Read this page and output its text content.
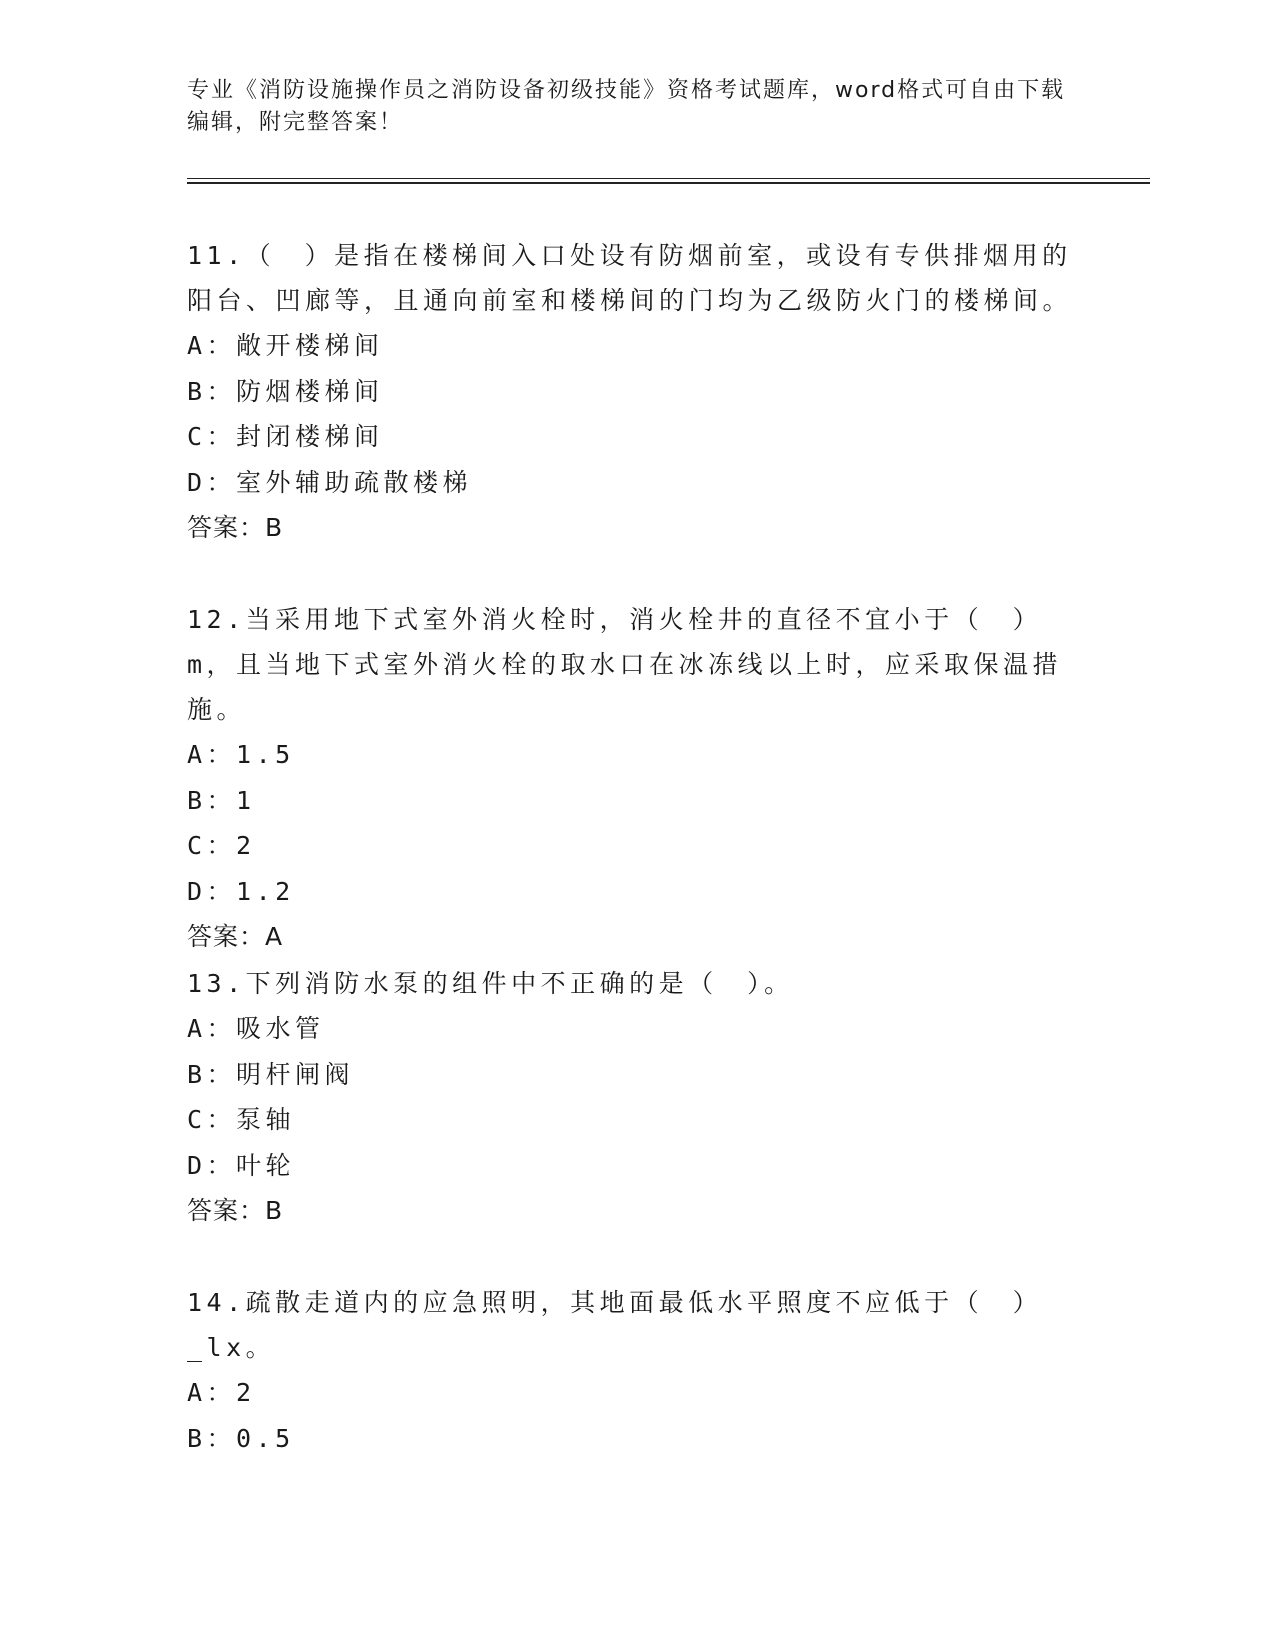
专业《消防设施操作员之消防设备初级技能》资格考试题库，word格式可自由下载编辑，附完整答案！
11.（　）是指在楼梯间入口处设有防烟前室，或设有专供排烟用的阳台、凹廊等，且通向前室和楼梯间的门均为乙级防火门的楼梯间。
A：敞开楼梯间
B：防烟楼梯间
C：封闭楼梯间
D：室外辅助疏散楼梯
答案：B
12.当采用地下式室外消火栓时，消火栓井的直径不宜小于（　）m，且当地下式室外消火栓的取水口在冰冻线以上时，应采取保温措施。
A：1.5
B：1
C：2
D：1.2
答案：A
13.下列消防水泵的组件中不正确的是（　）。
A：吸水管
B：明杆闸阀
C：泵轴
D：叶轮
答案：B
14.疏散走道内的应急照明，其地面最低水平照度不应低于（　）_lx。
A：2
B：0.5
